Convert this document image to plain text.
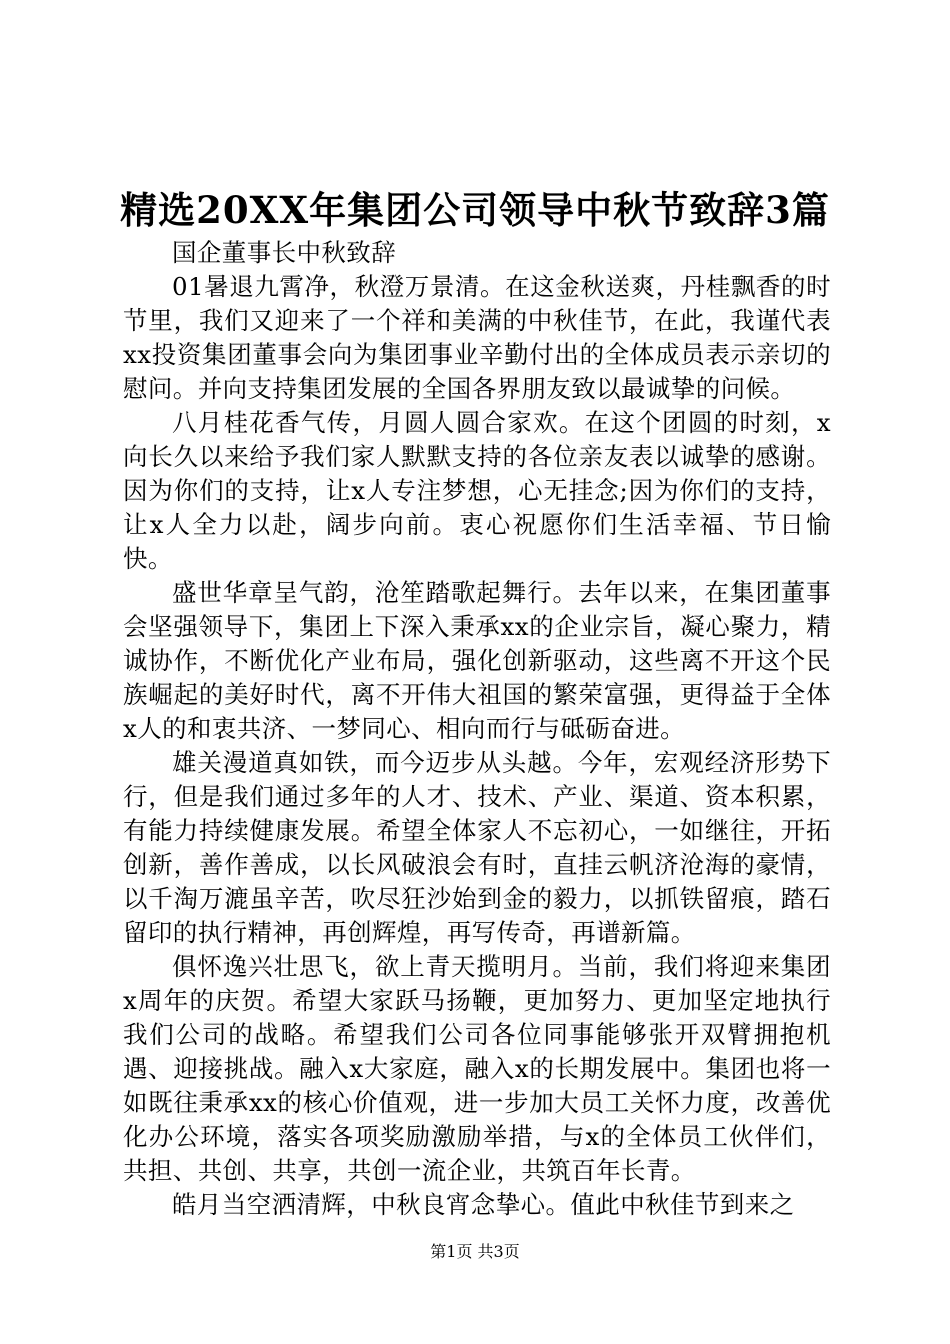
精选20XX年集团公司领导中秋节致辞3篇

国企董事长中秋致辞

01暑退九霄净，秋澄万景清。在这金秋送爽，丹桂飘香的时节里，我们又迎来了一个祥和美满的中秋佳节，在此，我谨代表xx投资集团董事会向为集团事业辛勤付出的全体成员表示亲切的慰问。并向支持集团发展的全国各界朋友致以最诚挚的问候。

八月桂花香气传，月圆人圆合家欢。在这个团圆的时刻，x向长久以来给予我们家人默默支持的各位亲友表以诚挚的感谢。因为你们的支持，让x人专注梦想，心无挂念;因为你们的支持，让x人全力以赴，阔步向前。衷心祝愿你们生活幸福、节日愉快。

盛世华章呈气韵，沧笙踏歌起舞行。去年以来，在集团董事会坚强领导下，集团上下深入秉承xx的企业宗旨，凝心聚力，精诚协作，不断优化产业布局，强化创新驱动，这些离不开这个民族崛起的美好时代，离不开伟大祖国的繁荣富强，更得益于全体x人的和衷共济、一梦同心、相向而行与砥砺奋进。

雄关漫道真如铁，而今迈步从头越。今年，宏观经济形势下行，但是我们通过多年的人才、技术、产业、渠道、资本积累，有能力持续健康发展。希望全体家人不忘初心，一如继往，开拓创新，善作善成，以长风破浪会有时，直挂云帆济沧海的豪情，以千淘万漉虽辛苦，吹尽狂沙始到金的毅力，以抓铁留痕，踏石留印的执行精神，再创辉煌，再写传奇，再谱新篇。

俱怀逸兴壮思飞，欲上青天揽明月。当前，我们将迎来集团x周年的庆贺。希望大家跃马扬鞭，更加努力、更加坚定地执行我们公司的战略。希望我们公司各位同事能够张开双臂拥抱机遇、迎接挑战。融入x大家庭，融入x的长期发展中。集团也将一如既往秉承xx的核心价值观，进一步加大员工关怀力度，改善优化办公环境，落实各项奖励激励举措，与x的全体员工伙伴们，共担、共创、共享，共创一流企业，共筑百年长青。

皓月当空洒清辉，中秋良宵念挚心。值此中秋佳节到来之

第1页 共3页
